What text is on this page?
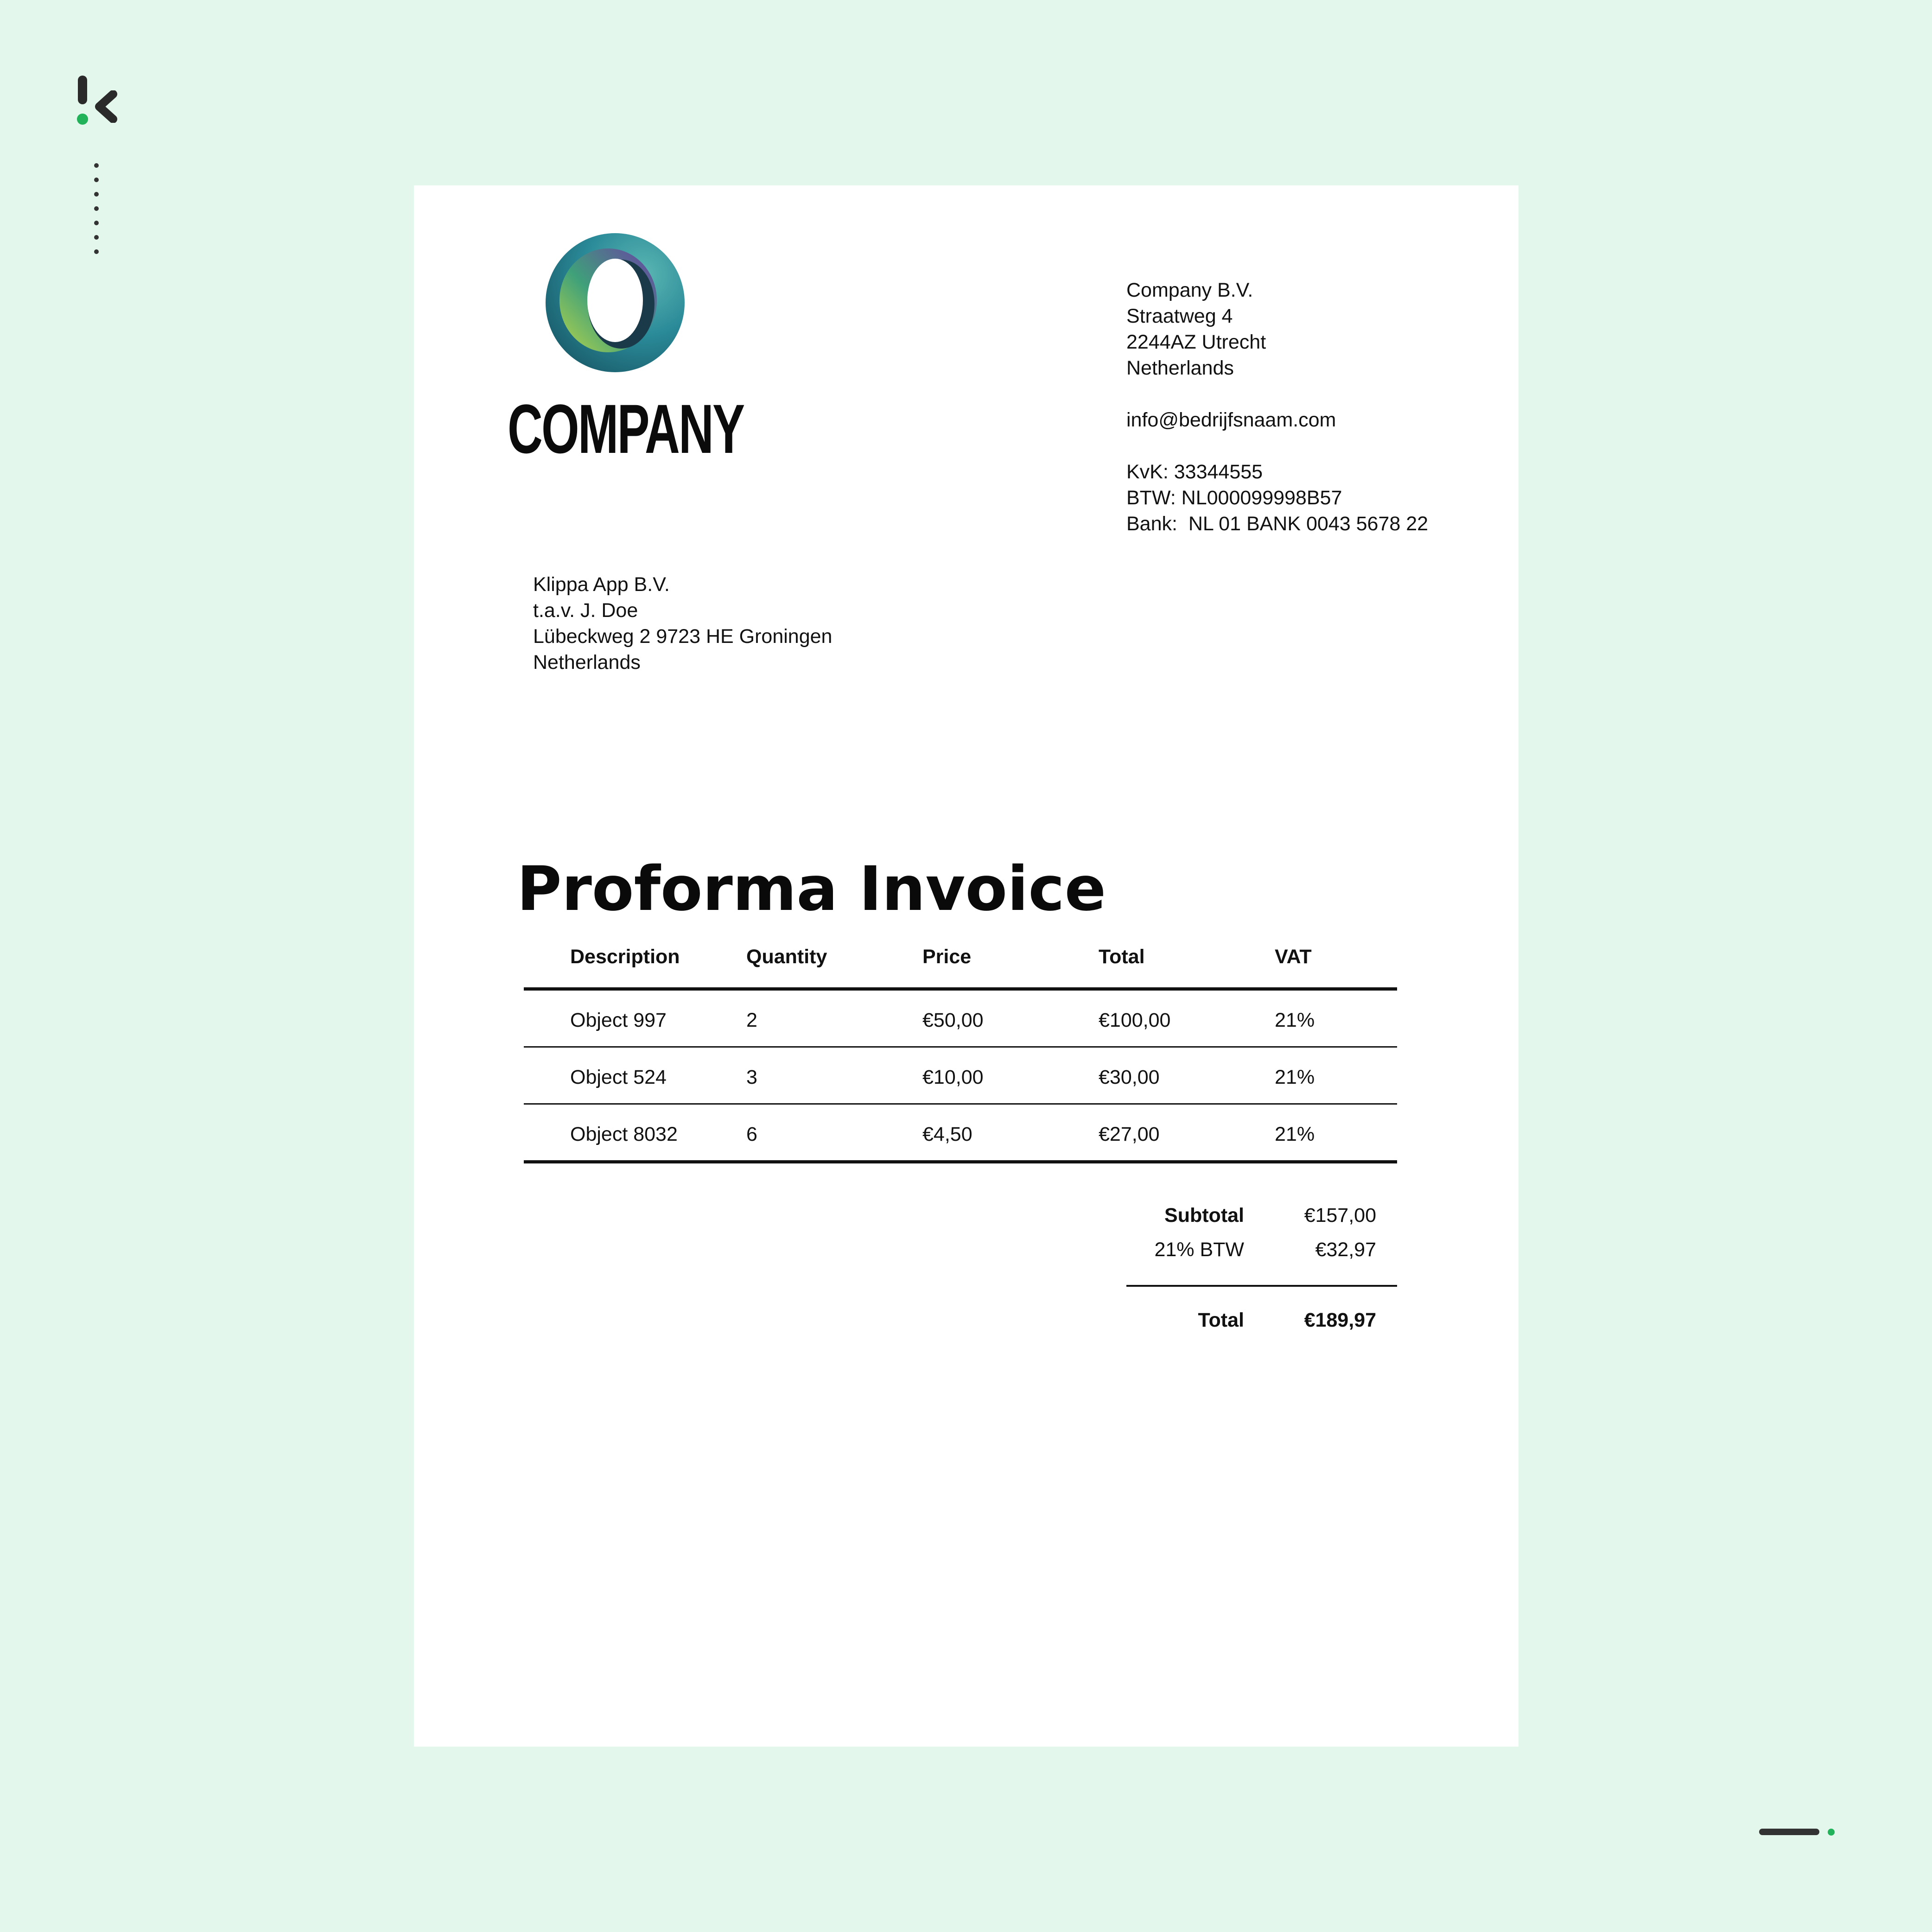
COMPANY
Company B.V.
Straatweg 4
2244AZ Utrecht
Netherlands
info@bedrijfsnaam.com
KvK: 33344555
BTW: NL000099998B57
Bank:  NL 01 BANK 0043 5678 22
Klippa App B.V.
t.a.v. J. Doe
Lübeckweg 2 9723 HE Groningen
Netherlands
Proforma Invoice
Description	Quantity	Price	Total	VAT
Object 997	2	€50,00	€100,00	21%
Object 524	3	€10,00	€30,00	21%
Object 8032	6	€4,50	€27,00	21%
Subtotal	€157,00
21% BTW	€32,97
Total	€189,97
